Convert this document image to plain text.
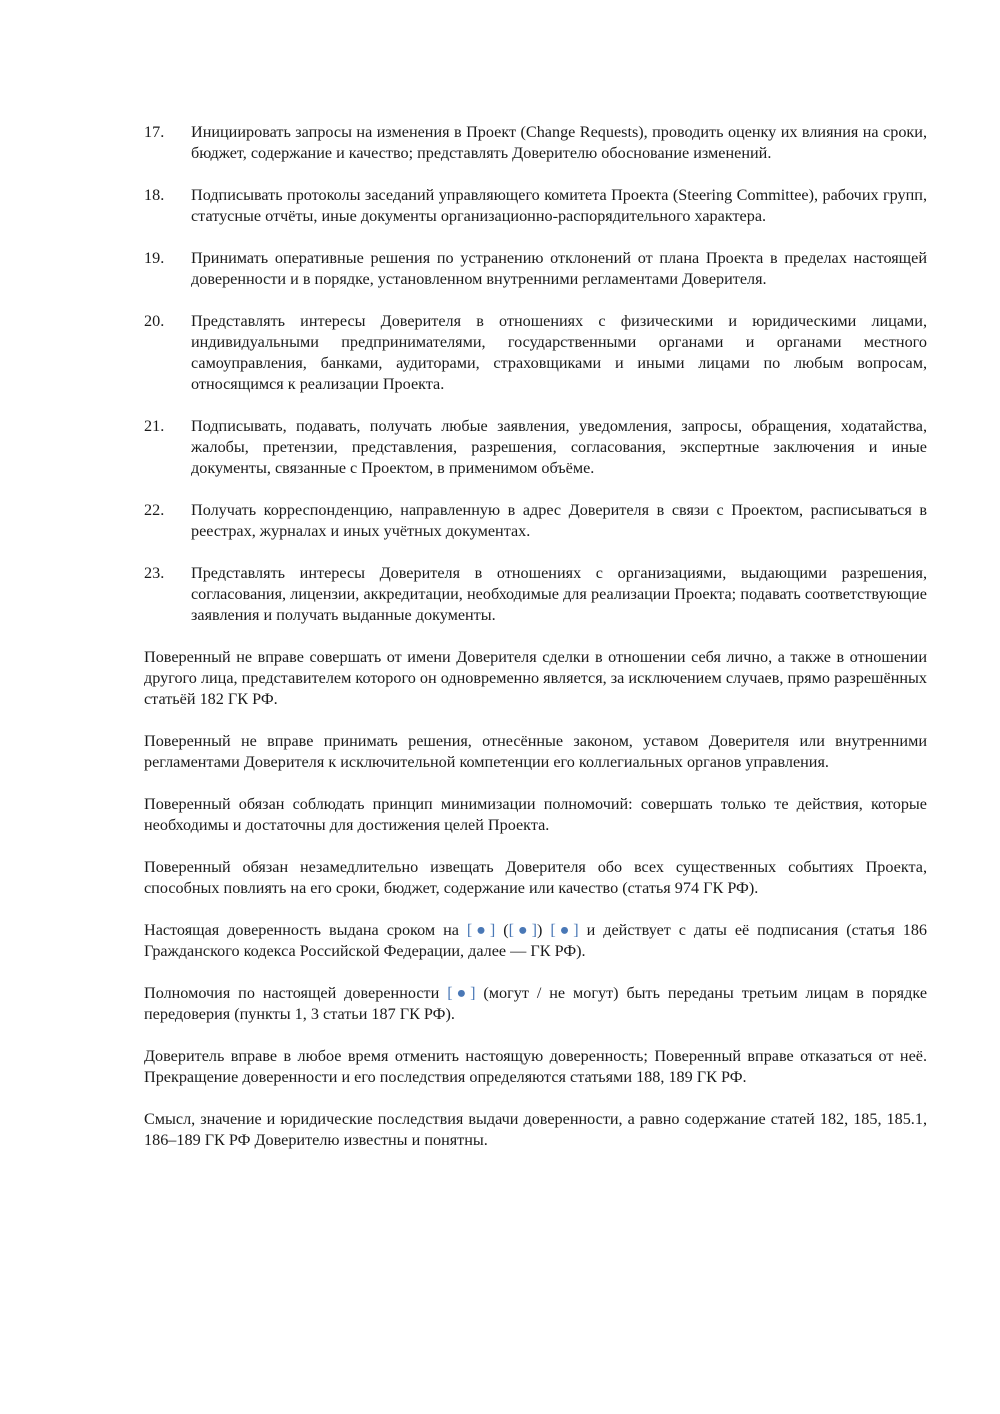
17.	Инициировать запросы на изменения в Проект (Change Requests), проводить оценку их влияния на сроки, бюджет, содержание и качество; представлять Доверителю обоснование изменений.
18.	Подписывать протоколы заседаний управляющего комитета Проекта (Steering Committee), рабочих групп, статусные отчёты, иные документы организационно-распорядительного характера.
19.	Принимать оперативные решения по устранению отклонений от плана Проекта в пределах настоящей доверенности и в порядке, установленном внутренними регламентами Доверителя.
20.	Представлять интересы Доверителя в отношениях с физическими и юридическими лицами, индивидуальными предпринимателями, государственными органами и органами местного самоуправления, банками, аудиторами, страховщиками и иными лицами по любым вопросам, относящимся к реализации Проекта.
21.	Подписывать, подавать, получать любые заявления, уведомления, запросы, обращения, ходатайства, жалобы, претензии, представления, разрешения, согласования, экспертные заключения и иные документы, связанные с Проектом, в применимом объёме.
22.	Получать корреспонденцию, направленную в адрес Доверителя в связи с Проектом, расписываться в реестрах, журналах и иных учётных документах.
23.	Представлять интересы Доверителя в отношениях с организациями, выдающими разрешения, согласования, лицензии, аккредитации, необходимые для реализации Проекта; подавать соответствующие заявления и получать выданные документы.

Поверенный не вправе совершать от имени Доверителя сделки в отношении себя лично, а также в отношении другого лица, представителем которого он одновременно является, за исключением случаев, прямо разрешённых статьёй 182 ГК РФ.

Поверенный не вправе принимать решения, отнесённые законом, уставом Доверителя или внутренними регламентами Доверителя к исключительной компетенции его коллегиальных органов управления.

Поверенный обязан соблюдать принцип минимизации полномочий: совершать только те действия, которые необходимы и достаточны для достижения целей Проекта.

Поверенный обязан незамедлительно извещать Доверителя обо всех существенных событиях Проекта, способных повлиять на его сроки, бюджет, содержание или качество (статья 974 ГК РФ).

Настоящая доверенность выдана сроком на [●] ([●]) [●] и действует с даты её подписания (статья 186 Гражданского кодекса Российской Федерации, далее — ГК РФ).

Полномочия по настоящей доверенности [●] (могут / не могут) быть переданы третьим лицам в порядке передоверия (пункты 1, 3 статьи 187 ГК РФ).

Доверитель вправе в любое время отменить настоящую доверенность; Поверенный вправе отказаться от неё. Прекращение доверенности и его последствия определяются статьями 188, 189 ГК РФ.

Смысл, значение и юридические последствия выдачи доверенности, а равно содержание статей 182, 185, 185.1, 186–189 ГК РФ Доверителю известны и понятны.
